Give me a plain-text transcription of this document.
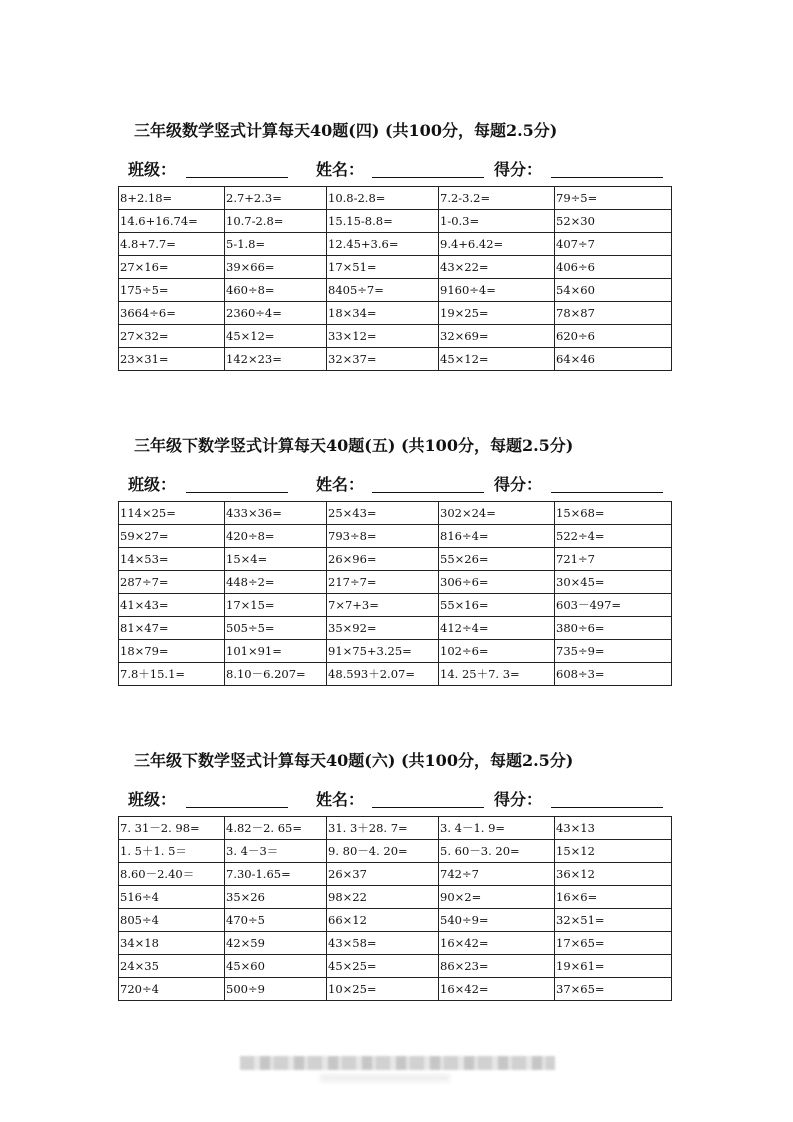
三年级数学竖式计算每天40题(四) (共100分，每题2.5分)
班级：	姓名：	得分：
8+2.18=	2.7+2.3=	10.8-2.8=	7.2-3.2=	79÷5=
14.6+16.74=	10.7-2.8=	15.15-8.8=	1-0.3=	52×30
4.8+7.7=	5-1.8=	12.45+3.6=	9.4+6.42=	407÷7
27×16=	39×66=	17×51=	43×22=	406÷6
175÷5=	460÷8=	8405÷7=	9160÷4=	54×60
3664÷6=	2360÷4=	18×34=	19×25=	78×87
27×32=	45×12=	33×12=	32×69=	620÷6
23×31=	142×23=	32×37=	45×12=	64×46
三年级下数学竖式计算每天40题(五) (共100分，每题2.5分)
班级：	姓名：	得分：
114×25=	433×36=	25×43=	302×24=	15×68=
59×27=	420÷8=	793÷8=	816÷4=	522÷4=
14×53=	15×4=	26×96=	55×26=	721÷7
287÷7=	448÷2=	217÷7=	306÷6=	30×45=
41×43=	17×15=	7×7+3=	55×16=	603－497=
81×47=	505÷5=	35×92=	412÷4=	380÷6=
18×79=	101×91=	91×75+3.25=	102÷6=	735÷9=
7.8＋15.1=	8.10－6.207=	48.593＋2.07=	14. 25＋7. 3=	608÷3=
三年级下数学竖式计算每天40题(六) (共100分，每题2.5分)
班级：	姓名：	得分：
7. 31－2. 98=	4.82－2. 65=	31. 3＋28. 7=	3. 4－1. 9=	43×13
1. 5＋1. 5＝	3. 4－3＝	9. 80－4. 20=	5. 60－3. 20=	15×12
8.60－2.40＝	7.30-1.65=	26×37	742÷7	36×12
516÷4	35×26	98×22	90×2=	16×6=
805÷4	470÷5	66×12	540÷9=	32×51=
34×18	42×59	43×58=	16×42=	17×65=
24×35	45×60	45×25=	86×23=	19×61=
720÷4	500÷9	10×25=	16×42=	37×65=
